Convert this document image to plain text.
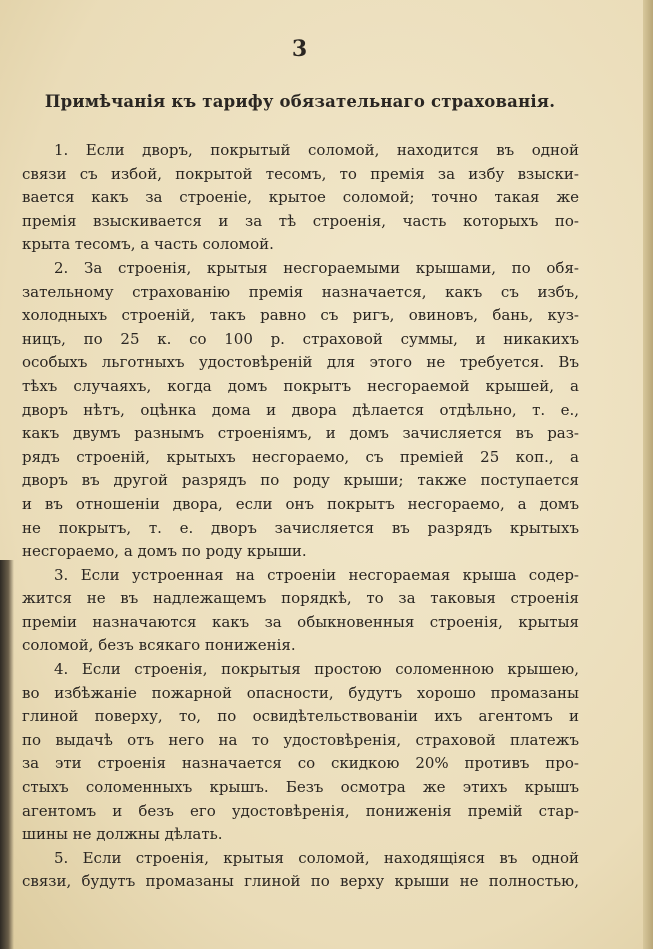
3
Примѣчанія къ тарифу обязательнаго страхованія.
1. Если дворъ, покрытый соломой, находится въ одной
связи съ избой, покрытой тесомъ, то премія за избу взыски-
вается какъ за строеніе, крытое соломой; точно такая же
премія взыскивается и за тѣ строенія, часть которыхъ по-
крыта тесомъ, а часть соломой.
2. За строенія, крытыя несгораемыми крышами, по обя-
зательному страхованію премія назначается, какъ съ избъ,
холодныхъ строеній, такъ равно съ ригъ, овиновъ, бань, куз-
ницъ, по 25 к. со 100 р. страховой суммы, и никакихъ
особыхъ льготныхъ удостовѣреній для этого не требуется. Въ
тѣхъ случаяхъ, когда домъ покрытъ несгораемой крышей, а
дворъ нѣтъ, оцѣнка дома и двора дѣлается отдѣльно, т. е.,
какъ двумъ разнымъ строеніямъ, и домъ зачисляется въ раз-
рядъ строеній, крытыхъ несгораемо, съ преміей 25 коп., а
дворъ въ другой разрядъ по роду крыши; также поступается
и въ отношеніи двора, если онъ покрытъ несгораемо, а домъ
не покрытъ, т. е. дворъ зачисляется въ разрядъ крытыхъ
несгораемо, а домъ по роду крыши.
3. Если устроенная на строеніи несгораемая крыша содер-
жится не въ надлежащемъ порядкѣ, то за таковыя строенія
преміи назначаются какъ за обыкновенныя строенія, крытыя
соломой, безъ всякаго пониженія.
4. Если строенія, покрытыя простою соломенною крышею,
во избѣжаніе пожарной опасности, будутъ хорошо промазаны
глиной поверху, то, по освидѣтельствованіи ихъ агентомъ и
по выдачѣ отъ него на то удостовѣренія, страховой платежъ
за эти строенія назначается со скидкою 20% противъ про-
стыхъ соломенныхъ крышъ. Безъ осмотра же этихъ крышъ
агентомъ и безъ его удостовѣренія, пониженія премій стар-
шины не должны дѣлать.
5. Если строенія, крытыя соломой, находящіяся въ одной
связи, будутъ промазаны глиной по верху крыши не полностью,
